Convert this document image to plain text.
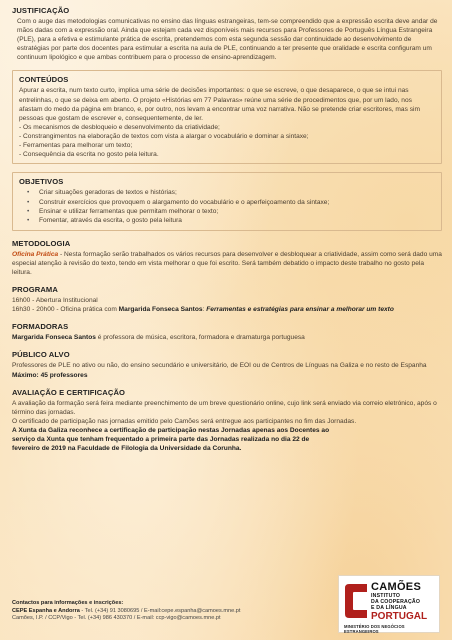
JUSTIFICAÇÃO
Com o auge das metodologias comunicativas no ensino das línguas estrangeiras, tem-se compreendido que a expressão escrita deve andar de mãos dadas com a expressão oral. Ainda que estejam cada vez disponíveis mais recursos para Professores de Português Língua Estrangeira (PLE), para a efetiva e estimulante prática de escrita, pretendemos com esta segunda sessão dar continuidade ao desenvolvimento de estratégias por parte dos docentes para estimular a escrita na aula de PLE, continuando a ter presente que oralidade e escrita configuram um continuum lipológico e que ambas contribuem para o processo de ensino-aprendizagem.
CONTEÚDOS
Apurar a escrita, num texto curto, implica uma série de decisões importantes: o que se escreve, o que desaparece, o que se intui nas entrelinhas, o que se deixa em aberto. O projeto «Histórias em 77 Palavras» reúne uma série de procedimentos que, por um lado, nos afastam do medo da página em branco, e, por outro, nos levam a encontrar uma voz narrativa. Não se pretende criar escritores, mas sim pessoas que gostam de escrever e, consequentemente, de ler.
- Os mecanismos de desbloqueio e desenvolvimento da criatividade;
- Constrangimentos na elaboração de textos com vista a alargar o vocabulário e dominar a sintaxe;
- Ferramentas para melhorar um texto;
- Consequência da escrita no gosto pela leitura.
OBJETIVOS
• Criar situações geradoras de textos e histórias;
• Construir exercícios que provoquem o alargamento do vocabulário e o aperfeiçoamento da sintaxe;
• Ensinar e utilizar ferramentas que permitam melhorar o texto;
• Fomentar, através da escrita, o gosto pela leitura
METODOLOGIA
Oficina Prática - Nesta formação serão trabalhados os vários recursos para desenvolver e desbloquear a criatividade, assim como será dado uma especial atenção à revisão do texto, tendo em vista melhorar o que foi escrito. Será também debatido o impacto deste trabalho no gosto pela leitura.
PROGRAMA
16h00 - Abertura Institucional
16h30 - 20h00 - Oficina prática com Margarida Fonseca Santos: Ferramentas e estratégias para ensinar a melhorar um texto
FORMADORAS
Margarida Fonseca Santos é professora de música, escritora, formadora e dramaturga portuguesa
PÚBLICO ALVO
Professores de PLE no ativo ou não, do ensino secundário e universitário, de EOI ou de Centros de Línguas na Galiza e no resto de Espanha
Máximo: 45 professores
AVALIAÇÃO E CERTIFICAÇÃO
A avaliação da formação será feira mediante preenchimento de um breve questionário online, cujo link será enviado via correio eletrónico, após o término das jornadas.
O certificado de participação nas jornadas emitido pelo Camões será entregue aos participantes no fim das Jornadas.
A Xunta da Galiza reconhece a certificação de participação nestas Jornadas apenas aos Docentes ao serviço da Xunta que tenham frequentado a primeira parte das Jornadas realizada no dia 22 de fevereiro de 2019 na Faculdade de Filologia da Universidade da Corunha.
Contactos para informações e inscrições:
CEPE Espanha e Andorra - Tel. (+34) 91 3080695 / E-mail:cepe.espanha@camoes.mne.pt
Camões, I.P. / CCP/Vigo - Tel. (+34) 986 430370 / E-mail: ccp-vigo@camoes.mne.pt
CAMÕES
INSTITUTO
DA COOPERAÇÃO
E DA LÍNGUA
PORTUGAL
MINISTÉRIO DOS NEGÓCIOS ESTRANGEIROS
